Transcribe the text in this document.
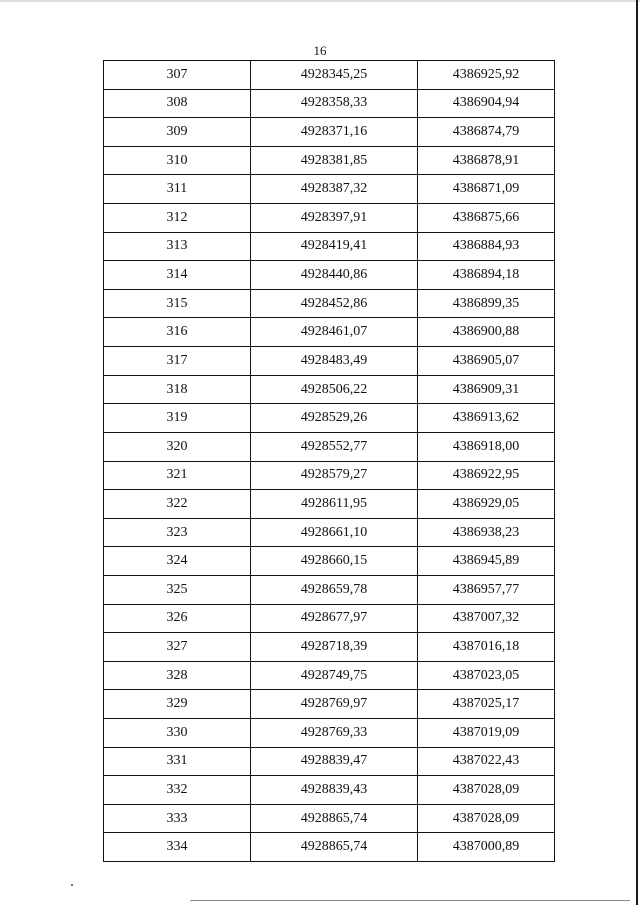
16
307	4928345,25	4386925,92
308	4928358,33	4386904,94
309	4928371,16	4386874,79
310	4928381,85	4386878,91
311	4928387,32	4386871,09
312	4928397,91	4386875,66
313	4928419,41	4386884,93
314	4928440,86	4386894,18
315	4928452,86	4386899,35
316	4928461,07	4386900,88
317	4928483,49	4386905,07
318	4928506,22	4386909,31
319	4928529,26	4386913,62
320	4928552,77	4386918,00
321	4928579,27	4386922,95
322	4928611,95	4386929,05
323	4928661,10	4386938,23
324	4928660,15	4386945,89
325	4928659,78	4386957,77
326	4928677,97	4387007,32
327	4928718,39	4387016,18
328	4928749,75	4387023,05
329	4928769,97	4387025,17
330	4928769,33	4387019,09
331	4928839,47	4387022,43
332	4928839,43	4387028,09
333	4928865,74	4387028,09
334	4928865,74	4387000,89
